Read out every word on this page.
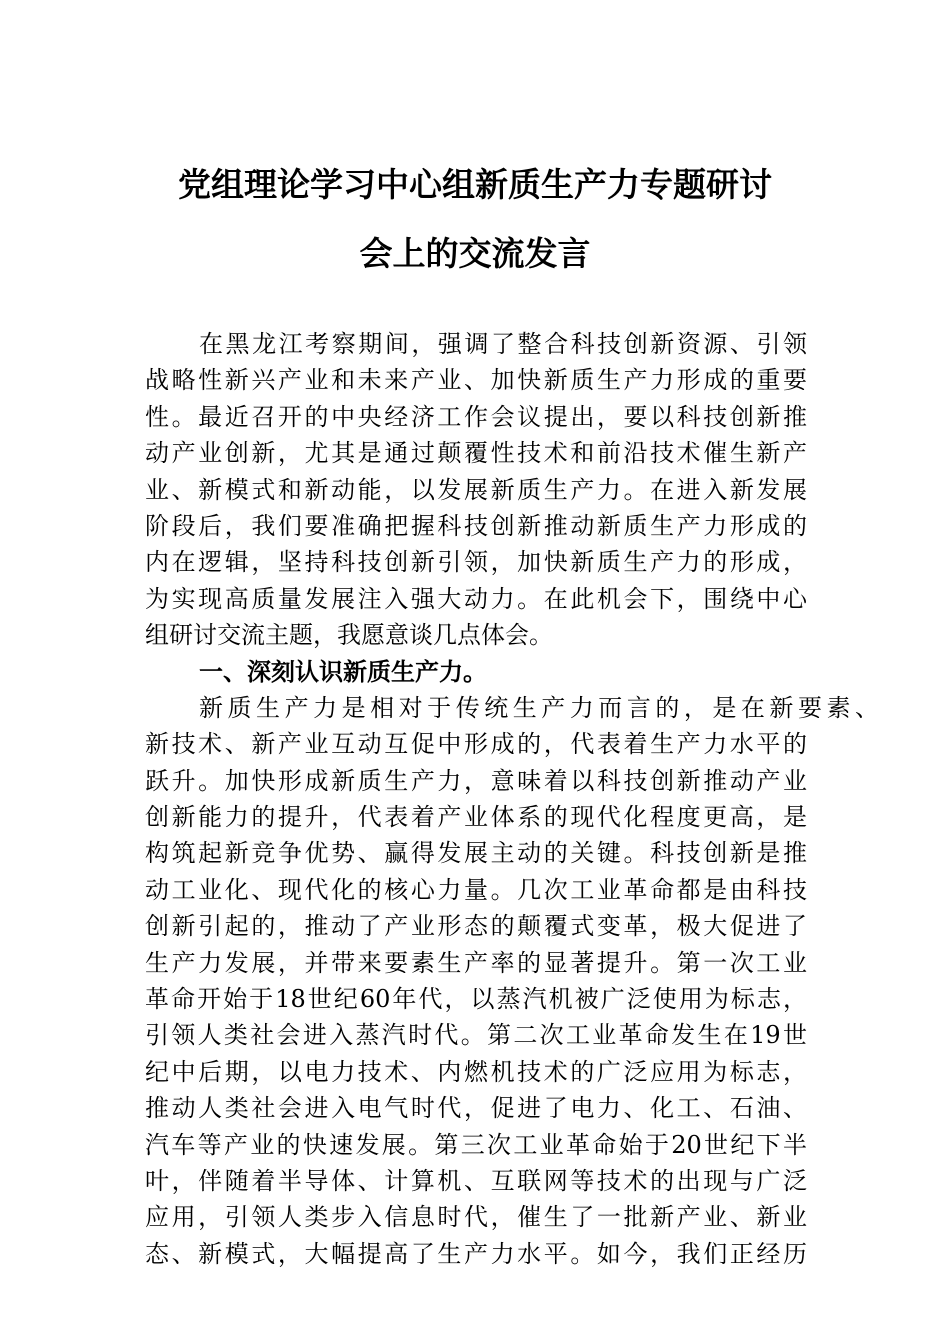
党组理论学习中心组新质生产力专题研讨
会上的交流发言
在黑龙江考察期间，强调了整合科技创新资源、引领
战略性新兴产业和未来产业、加快新质生产力形成的重要
性。最近召开的中央经济工作会议提出，要以科技创新推
动产业创新，尤其是通过颠覆性技术和前沿技术催生新产
业、新模式和新动能，以发展新质生产力。在进入新发展
阶段后，我们要准确把握科技创新推动新质生产力形成的
内在逻辑，坚持科技创新引领，加快新质生产力的形成，
为实现高质量发展注入强大动力。在此机会下，围绕中心
组研讨交流主题，我愿意谈几点体会。
一、深刻认识新质生产力。
新质生产力是相对于传统生产力而言的，是在新要素、
新技术、新产业互动互促中形成的，代表着生产力水平的
跃升。加快形成新质生产力，意味着以科技创新推动产业
创新能力的提升，代表着产业体系的现代化程度更高，是
构筑起新竞争优势、赢得发展主动的关键。科技创新是推
动工业化、现代化的核心力量。几次工业革命都是由科技
创新引起的，推动了产业形态的颠覆式变革，极大促进了
生产力发展，并带来要素生产率的显著提升。第一次工业
革命开始于18世纪60年代，以蒸汽机被广泛使用为标志，
引领人类社会进入蒸汽时代。第二次工业革命发生在19世
纪中后期，以电力技术、内燃机技术的广泛应用为标志，
推动人类社会进入电气时代，促进了电力、化工、石油、
汽车等产业的快速发展。第三次工业革命始于20世纪下半
叶，伴随着半导体、计算机、互联网等技术的出现与广泛
应用，引领人类步入信息时代，催生了一批新产业、新业
态、新模式，大幅提高了生产力水平。如今，我们正经历
